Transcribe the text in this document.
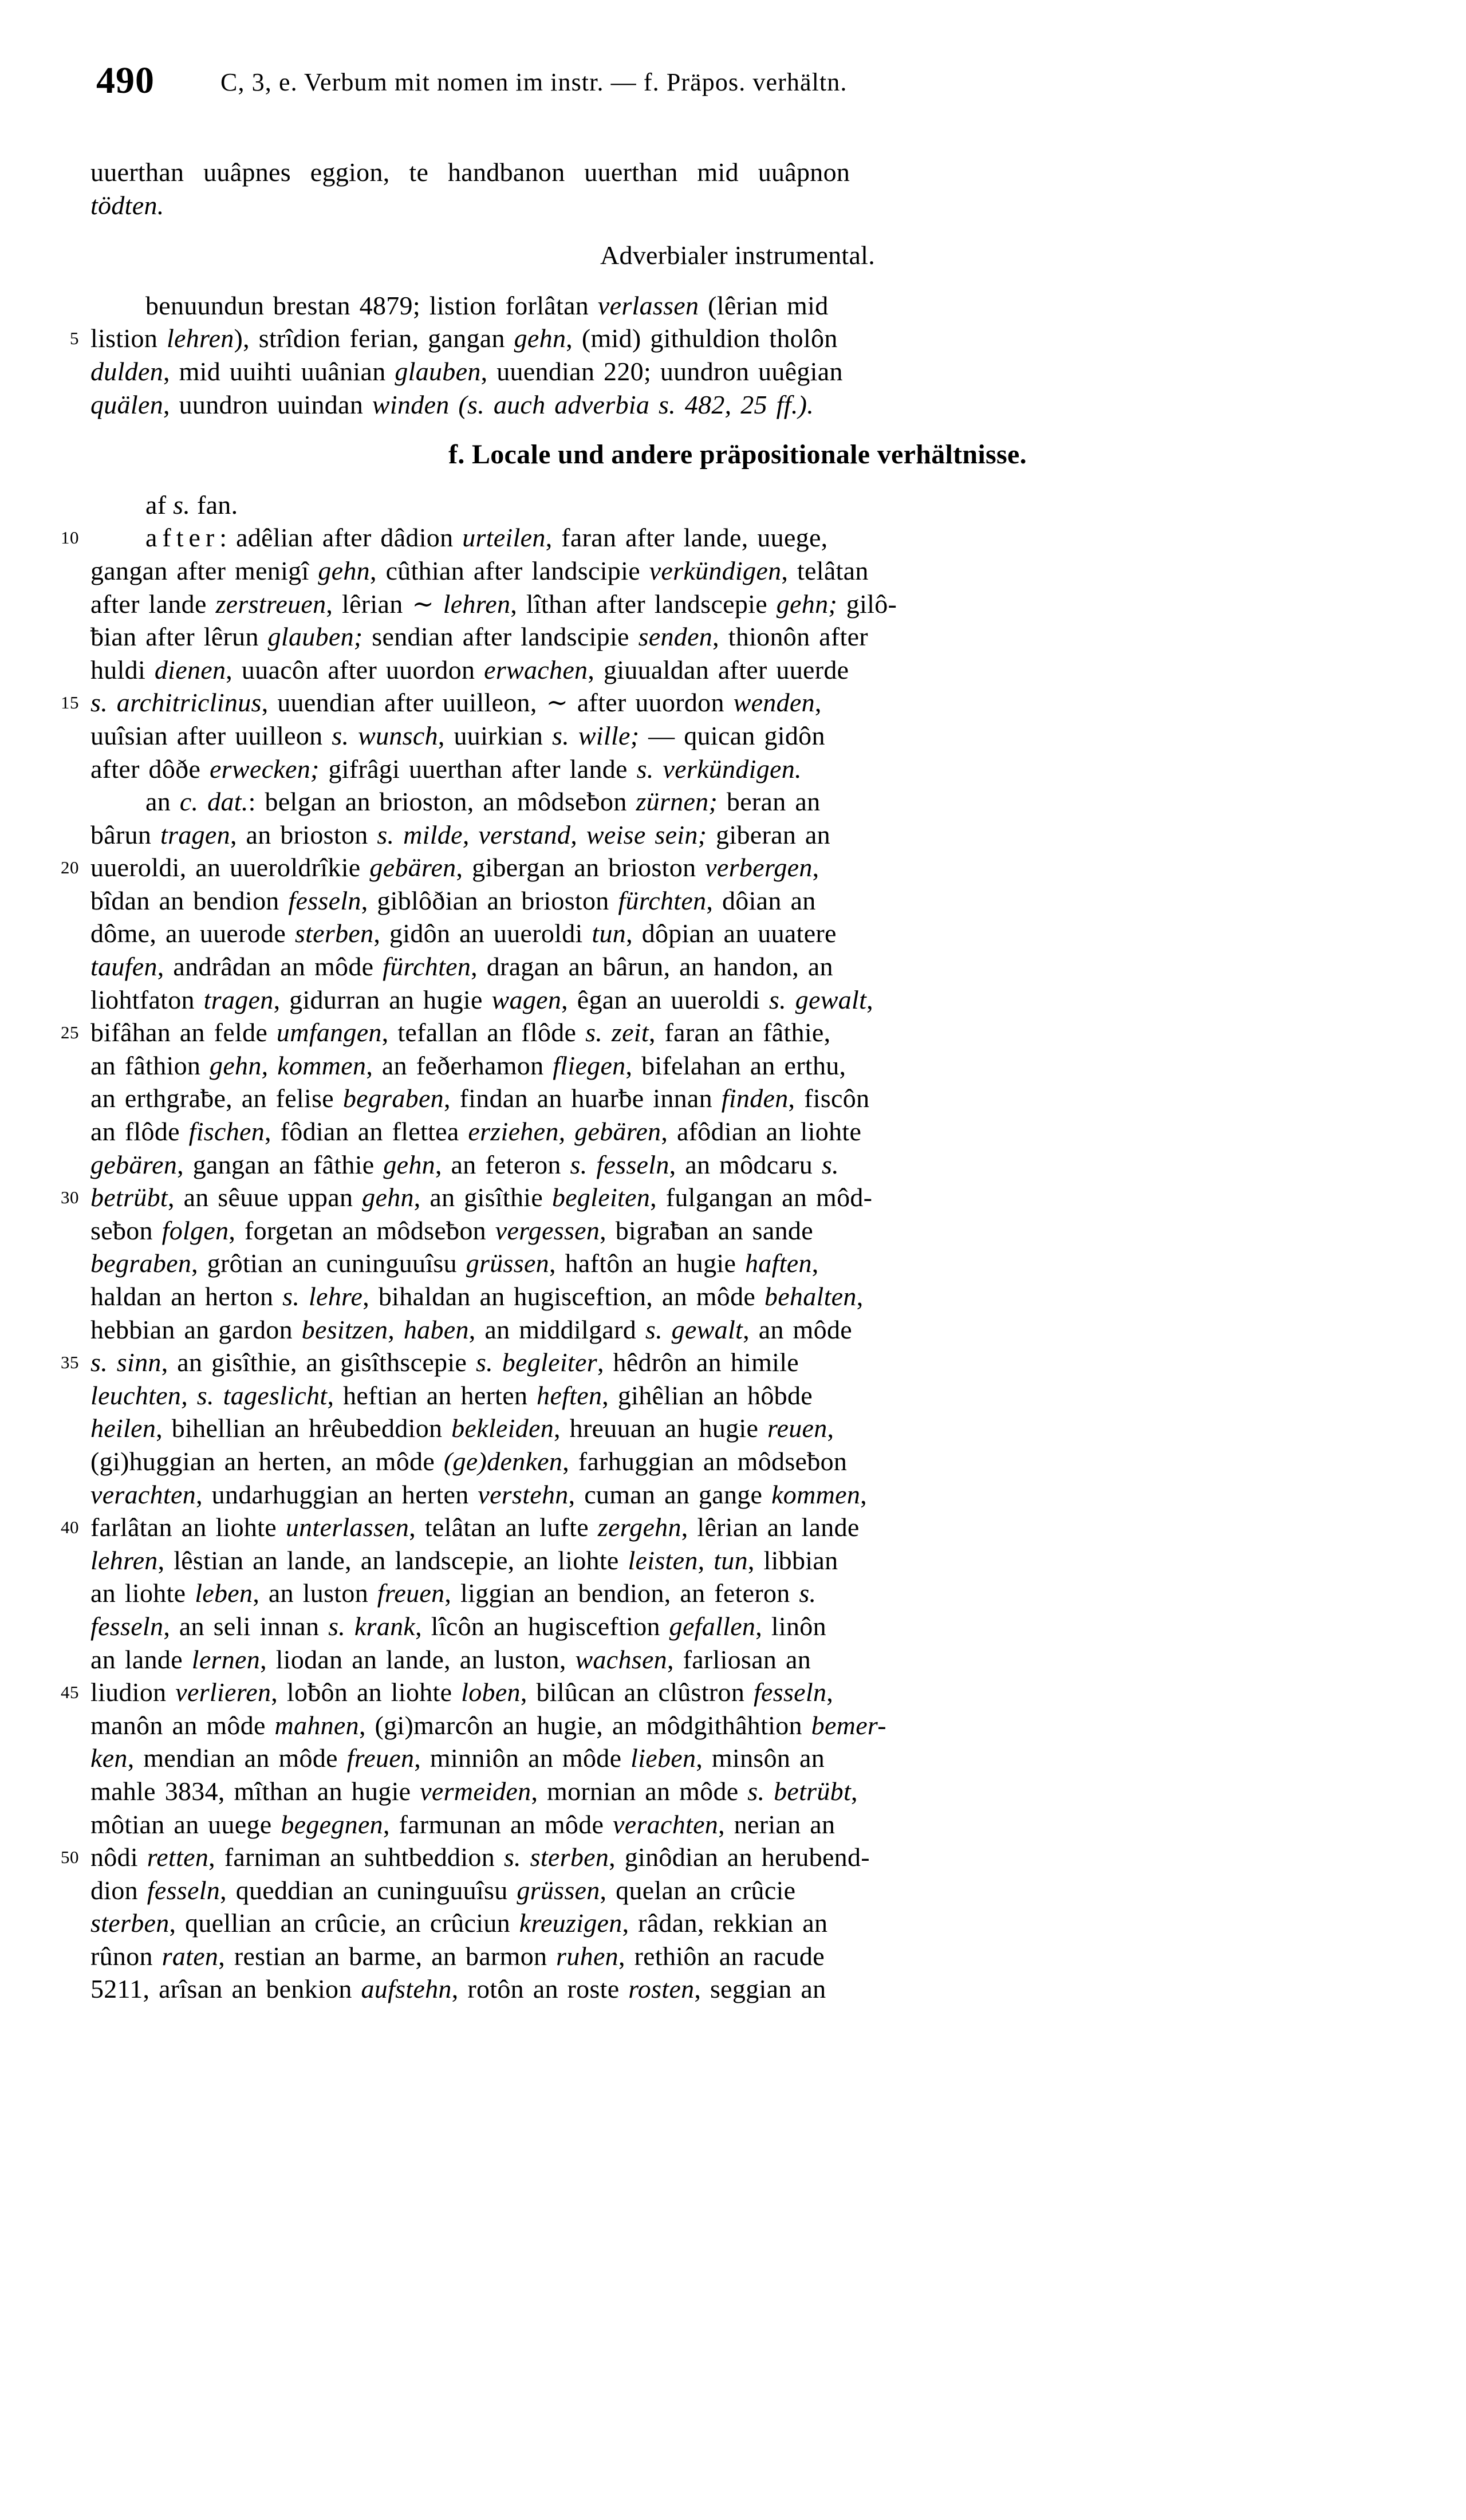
490	C, 3, e. Verbum mit nomen im instr. — f. Präpos. verhältn.
uuerthan uuâpnes eggion, te handbanon uuerthan mid uuâpnon
tödten.
Adverbialer instrumental.
benuundun brestan 4879; listion forlâtan verlassen (lêrian mid
5 listion lehren), strîdion ferian, gangan gehn, (mid) githuldion tholôn
dulden, mid uuihti uuânian glauben, uuendian 220; uundron uuêgian
quälen, uundron uuindan winden (s. auch adverbia s. 482, 25 ff.).
f. Locale und andere präpositionale verhältnisse.
af s. fan.
10	after: adêlian after dâdion urteilen, faran after lande, uuege,
gangan after menigî gehn, cûthian after landscipie verkündigen, telâtan
after lande zerstreuen, lêrian ∼ lehren, lîthan after landscepie gehn; gilô-
ƀian after lêrun glauben; sendian after landscipie senden, thionôn after
huldi dienen, uuacôn after uuordon erwachen, giuualdan after uuerde
15 s. architriclinus, uuendian after uuilleon, ∼ after uuordon wenden,
uuîsian after uuilleon s. wunsch, uuirkian s. wille; — quican gidôn
after dôðe erwecken; gifrâgi uuerthan after lande s. verkündigen.
an c. dat.: belgan an brioston, an môdseƀon zürnen; beran an
bârun tragen, an brioston s. milde, verstand, weise sein; giberan an
20 uueroldi, an uueroldrîkie gebären, gibergan an brioston verbergen,
bîdan an bendion fesseln, giblôðian an brioston fürchten, dôian an
dôme, an uuerode sterben, gidôn an uueroldi tun, dôpian an uuatere
taufen, andrâdan an môde fürchten, dragan an bârun, an handon, an
liohtfaton tragen, gidurran an hugie wagen, êgan an uueroldi s. gewalt,
25 bifâhan an felde umfangen, tefallan an flôde s. zeit, faran an fâthie,
an fâthion gehn, kommen, an feðerhamon fliegen, bifelahan an erthu,
an erthgraƀe, an felise begraben, findan an huarƀe innan finden, fiscôn
an flôde fischen, fôdian an flettea erziehen, gebären, afôdian an liohte
gebären, gangan an fâthie gehn, an feteron s. fesseln, an môdcaru s.
30 betrübt, an sêuue uppan gehn, an gisîthie begleiten, fulgangan an môd-
seƀon folgen, forgetan an môdseƀon vergessen, bigraƀan an sande
begraben, grôtian an cuninguuîsu grüssen, haftôn an hugie haften,
haldan an herton s. lehre, bihaldan an hugisceftion, an môde behalten,
hebbian an gardon besitzen, haben, an middilgard s. gewalt, an môde
35 s. sinn, an gisîthie, an gisîthscepie s. begleiter, hêdrôn an himile
leuchten, s. tageslicht, heftian an herten heften, gihêlian an hôbde
heilen, bihellian an hrêubeddion bekleiden, hreuuan an hugie reuen,
(gi)huggian an herten, an môde (ge)denken, farhuggian an môdseƀon
verachten, undarhuggian an herten verstehn, cuman an gange kommen,
40 farlâtan an liohte unterlassen, telâtan an lufte zergehn, lêrian an lande
lehren, lêstian an lande, an landscepie, an liohte leisten, tun, libbian
an liohte leben, an luston freuen, liggian an bendion, an feteron s.
fesseln, an seli innan s. krank, lîcôn an hugisceftion gefallen, linôn
an lande lernen, liodan an lande, an luston, wachsen, farliosan an
45 liudion verlieren, loƀôn an liohte loben, bilûcan an clûstron fesseln,
manôn an môde mahnen, (gi)marcôn an hugie, an môdgithâhtion bemer-
ken, mendian an môde freuen, minniôn an môde lieben, minsôn an
mahle 3834, mîthan an hugie vermeiden, mornian an môde s. betrübt,
môtian an uuege begegnen, farmunan an môde verachten, nerian an
50 nôdi retten, farniman an suhtbeddion s. sterben, ginôdian an herubend-
dion fesseln, queddian an cuninguuîsu grüssen, quelan an crûcie
sterben, quellian an crûcie, an crûciun kreuzigen, râdan, rekkian an
rûnon raten, restian an barme, an barmon ruhen, rethiôn an racude
5211, arîsan an benkion aufstehn, rotôn an roste rosten, seggian an
